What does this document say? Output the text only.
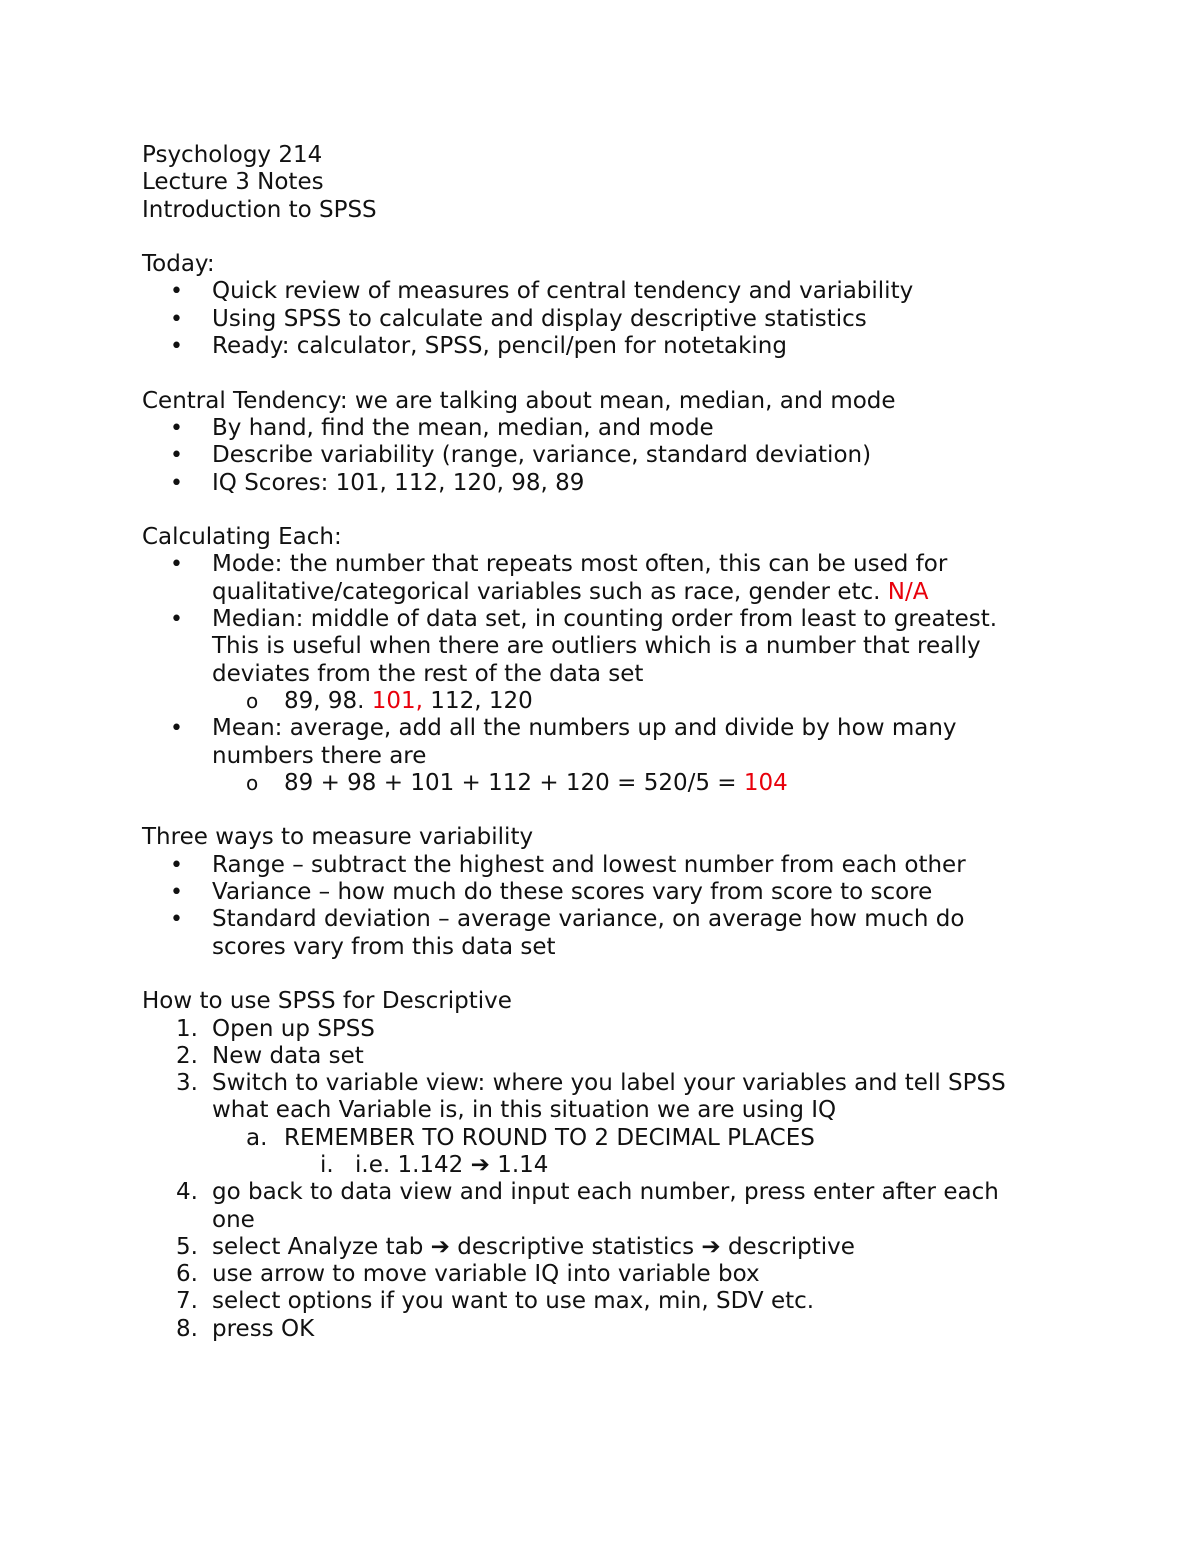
Psychology 214

Lecture 3 Notes

Introduction to SPSS

Today:

• Quick review of measures of central tendency and variability
• Using SPSS to calculate and display descriptive statistics
• Ready: calculator, SPSS, pencil/pen for notetaking

Central Tendency: we are talking about mean, median, and mode

• By hand, find the mean, median, and mode
• Describe variability (range, variance, standard deviation)
• IQ Scores: 101, 112, 120, 98, 89

Calculating Each:

• Mode: the number that repeats most often, this can be used for
qualitative/categorical variables such as race, gender etc. N/A
• Median: middle of data set, in counting order from least to greatest.
This is useful when there are outliers which is a number that really
deviates from the rest of the data set
o 89, 98. 101, 112, 120
• Mean: average, add all the numbers up and divide by how many
numbers there are
o 89 + 98 + 101 + 112 + 120 = 520/5 = 104

Three ways to measure variability

• Range – subtract the highest and lowest number from each other
• Variance – how much do these scores vary from score to score
• Standard deviation – average variance, on average how much do
scores vary from this data set

How to use SPSS for Descriptive

1. Open up SPSS
2. New data set
3. Switch to variable view: where you label your variables and tell SPSS
what each Variable is, in this situation we are using IQ
a. REMEMBER TO ROUND TO 2 DECIMAL PLACES
i. i.e. 1.142 ➔ 1.14
4. go back to data view and input each number, press enter after each
one
5. select Analyze tab ➔ descriptive statistics ➔ descriptive
6. use arrow to move variable IQ into variable box
7. select options if you want to use max, min, SDV etc.
8. press OK
